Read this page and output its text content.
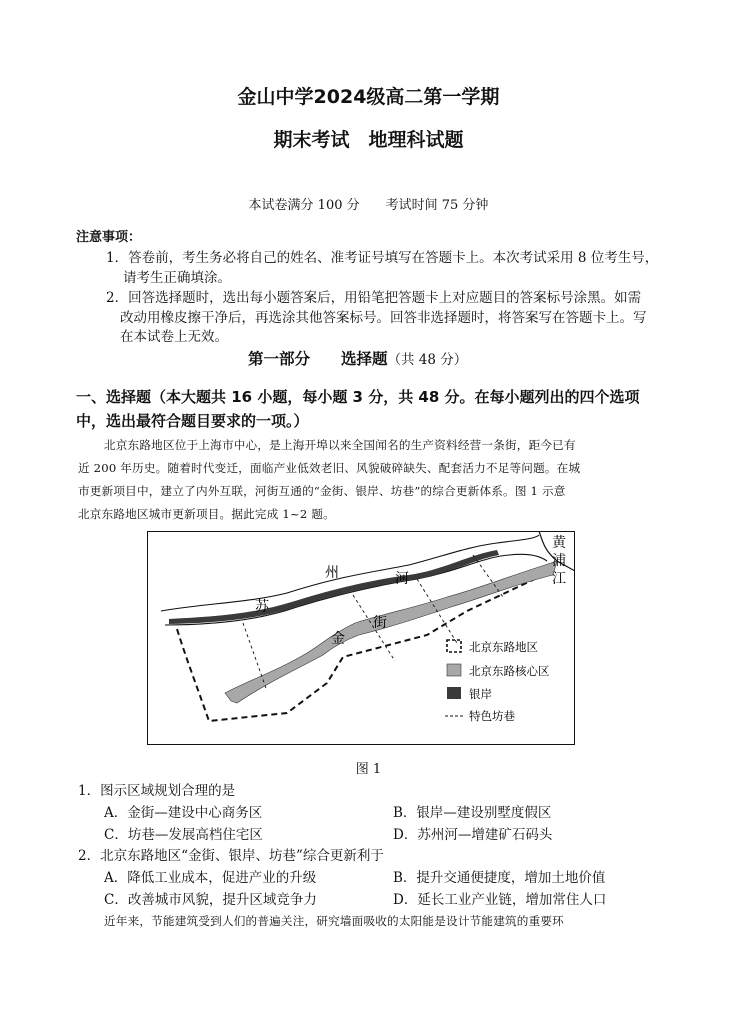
金山中学2024级高二第一学期
期末考试　地理科试题
本试卷满分 100 分　　考试时间 75 分钟
注意事项：
1．答卷前，考生务必将自己的姓名、准考证号填写在答题卡上。本次考试采用 8 位考生号，
请考生正确填涂。
2．回答选择题时，选出每小题答案后，用铅笔把答题卡上对应题目的答案标号涂黑。如需
改动用橡皮擦干净后，再选涂其他答案标号。回答非选择题时，将答案写在答题卡上。写
在本试卷上无效。
第一部分　　选择题（共 48 分）
一、选择题（本大题共 16 小题，每小题 3 分，共 48 分。在每小题列出的四个选项
中，选出最符合题目要求的一项。）
北京东路地区位于上海市中心，是上海开埠以来全国闻名的生产资料经营一条街，距今已有
近 200 年历史。随着时代变迁，面临产业低效老旧、风貌破碎缺失、配套活力不足等问题。在城
市更新项目中，建立了内外互联，河街互通的“金街、银岸、坊巷”的综合更新体系。图 1 示意
北京东路地区城市更新项目。据此完成 1~2 题。
苏
州	河
金
街
黄
浦
江
北京东路地区
北京东路核心区
银岸
特色坊巷
图 1
1．图示区域规划合理的是
A．金街—建设中心商务区	B．银岸—建设别墅度假区
C．坊巷—发展高档住宅区	D．苏州河—增建矿石码头
2．北京东路地区“金街、银岸、坊巷”综合更新利于
A．降低工业成本，促进产业的升级	B．提升交通便捷度，增加土地价值
C．改善城市风貌，提升区域竞争力	D．延长工业产业链，增加常住人口
近年来，节能建筑受到人们的普遍关注，研究墙面吸收的太阳能是设计节能建筑的重要环
